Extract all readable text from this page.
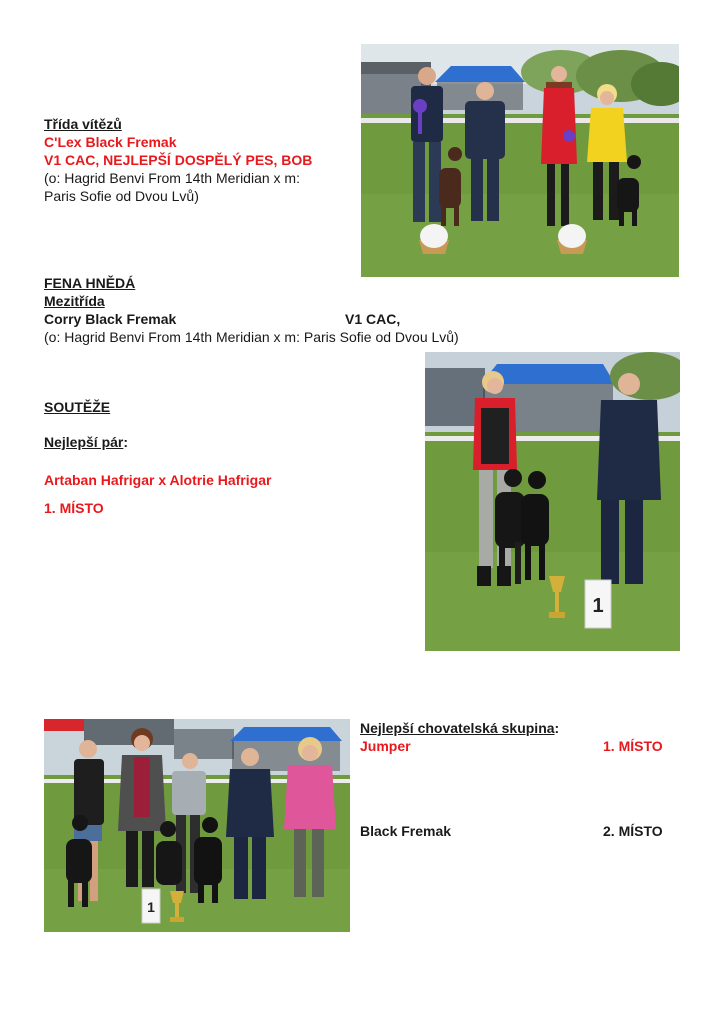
Třída vítězů
C'Lex Black Fremak
V1 CAC, NEJLEPŠÍ DOSPĚLÝ PES, BOB
(o: Hagrid Benvi From 14th Meridian x m:
Paris Sofie od Dvou Lvů)
FENA HNĚDÁ
Mezitřída
Corry Black Fremak	V1 CAC,
(o: Hagrid Benvi From 14th Meridian x m: Paris Sofie od Dvou Lvů)
SOUTĚŽE
Nejlepší pár:
Artaban Hafrigar x Alotrie Hafrigar
1. MÍSTO
1
1
Nejlepší chovatelská skupina:
Jumper	1. MÍSTO
Black Fremak	2. MÍSTO
